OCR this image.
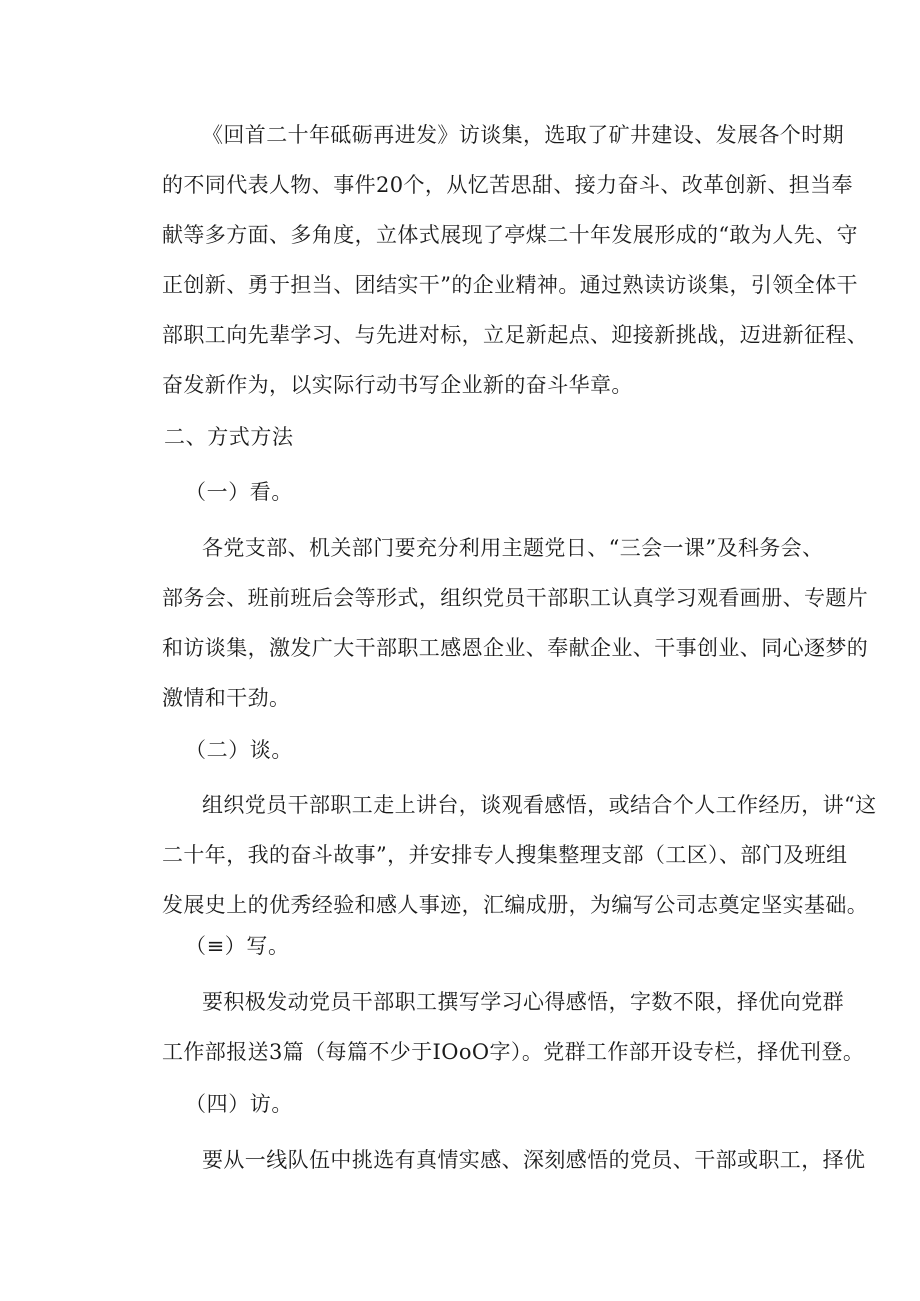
《回首二十年砥砺再进发》访谈集，选取了矿井建设、发展各个时期
的不同代表人物、事件20个，从忆苦思甜、接力奋斗、改革创新、担当奉
献等多方面、多角度，立体式展现了亭煤二十年发展形成的“敢为人先、守
正创新、勇于担当、团结实干”的企业精神。通过熟读访谈集，引领全体干
部职工向先辈学习、与先进对标，立足新起点、迎接新挑战，迈进新征程、
奋发新作为，以实际行动书写企业新的奋斗华章。
二、方式方法
（一）看。
各党支部、机关部门要充分利用主题党日、“三会一课”及科务会、
部务会、班前班后会等形式，组织党员干部职工认真学习观看画册、专题片
和访谈集，激发广大干部职工感恩企业、奉献企业、干事创业、同心逐梦的
激情和干劲。
（二）谈。
组织党员干部职工走上讲台，谈观看感悟，或结合个人工作经历，讲“这
二十年，我的奋斗故事”，并安排专人搜集整理支部（工区）、部门及班组
发展史上的优秀经验和感人事迹，汇编成册，为编写公司志奠定坚实基础。
（≡）写。
要积极发动党员干部职工撰写学习心得感悟，字数不限，择优向党群
工作部报送3篇（每篇不少于IOoO字）。党群工作部开设专栏，择优刊登。
（四）访。
要从一线队伍中挑选有真情实感、深刻感悟的党员、干部或职工，择优
